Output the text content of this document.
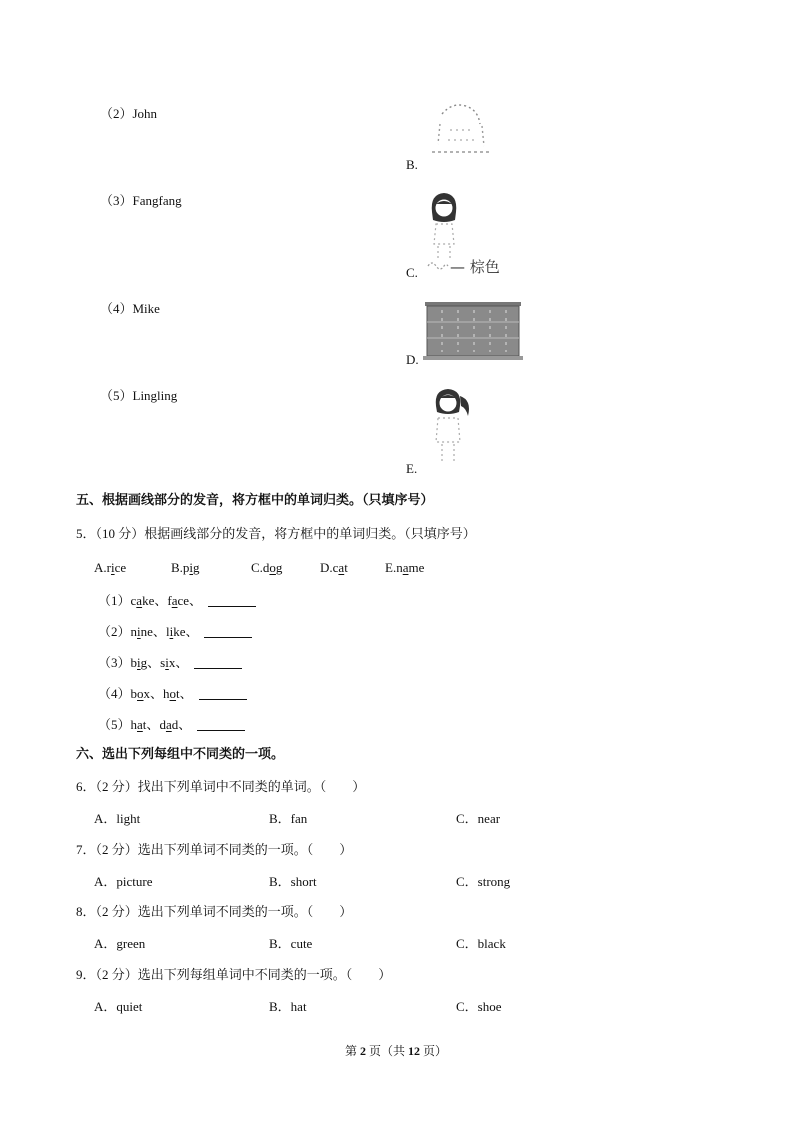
（2）John
（3）Fangfang
（4）Mike
（5）Lingling
B.
C.
D.
E.
— 棕色
五、根据画线部分的发音，将方框中的单词归类。（只填序号）
5．（10 分）根据画线部分的发音，将方框中的单词归类。（只填序号）
A.rice	B.pig	C.dog	D.cat	E.name
（1）cake、face、
（2）nine、like、
（3）big、six、
（4）box、hot、
（5）hat、dad、
六、选出下列每组中不同类的一项。
6．（2 分）找出下列单词中不同类的单词。（　　）
A．light	B．fan	C．near
7．（2 分）选出下列单词不同类的一项。（　　）
A．picture	B．short	C．strong
8．（2 分）选出下列单词不同类的一项。（　　）
A．green	B．cute	C．black
9．（2 分）选出下列每组单词中不同类的一项。（　　）
A．quiet	B．hat	C．shoe
第 2 页（共 12 页）
